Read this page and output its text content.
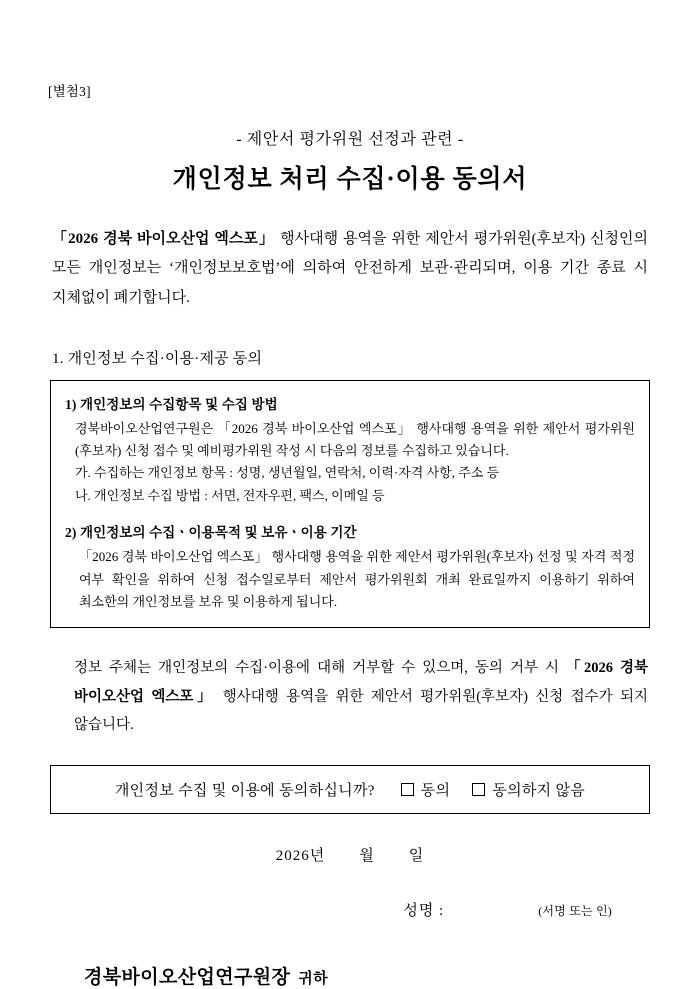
[별첨3]
- 제안서 평가위원 선정과 관련 -
개인정보 처리 수집·이용 동의서

「2026 경북 바이오산업 엑스포」 행사대행 용역을 위한 제안서 평가위원(후보자) 신청인의 모든 개인정보는 ‘개인정보보호법’에 의하여 안전하게 보관·관리되며, 이용 기간 종료 시 지체없이 폐기합니다.

1. 개인정보 수집·이용·제공 동의
1) 개인정보의 수집항목 및 수집 방법

경북바이오산업연구원은 「2026 경북 바이오산업 엑스포」 행사대행 용역을 위한 제안서 평가위원(후보자) 신청 접수 및 예비평가위원 작성 시 다음의 정보를 수집하고 있습니다.

가. 수집하는 개인정보 항목 : 성명, 생년월일, 연락처, 이력·자격 사항, 주소 등

나. 개인정보 수집 방법 : 서면, 전자우편, 팩스, 이메일 등

2) 개인정보의 수집ㆍ이용목적 및 보유ㆍ이용 기간

「2026 경북 바이오산업 엑스포」 행사대행 용역을 위한 제안서 평가위원(후보자) 선정 및 자격 적정 여부 확인을 위하여 신청 접수일로부터 제안서 평가위원회 개최 완료일까지 이용하기 위하여 최소한의 개인정보를 보유 및 이용하게 됩니다.

정보 주체는 개인정보의 수집·이용에 대해 거부할 수 있으며, 동의 거부 시 「2026 경북 바이오산업 엑스포」 행사대행 용역을 위한 제안서 평가위원(후보자) 신청 접수가 되지 않습니다.

개인정보 수집 및 이용에 동의하십니까?	동의	동의하지 않음
2026년 월 일
성명 :	(서명 또는 인)
경북바이오산업연구원장 귀하
